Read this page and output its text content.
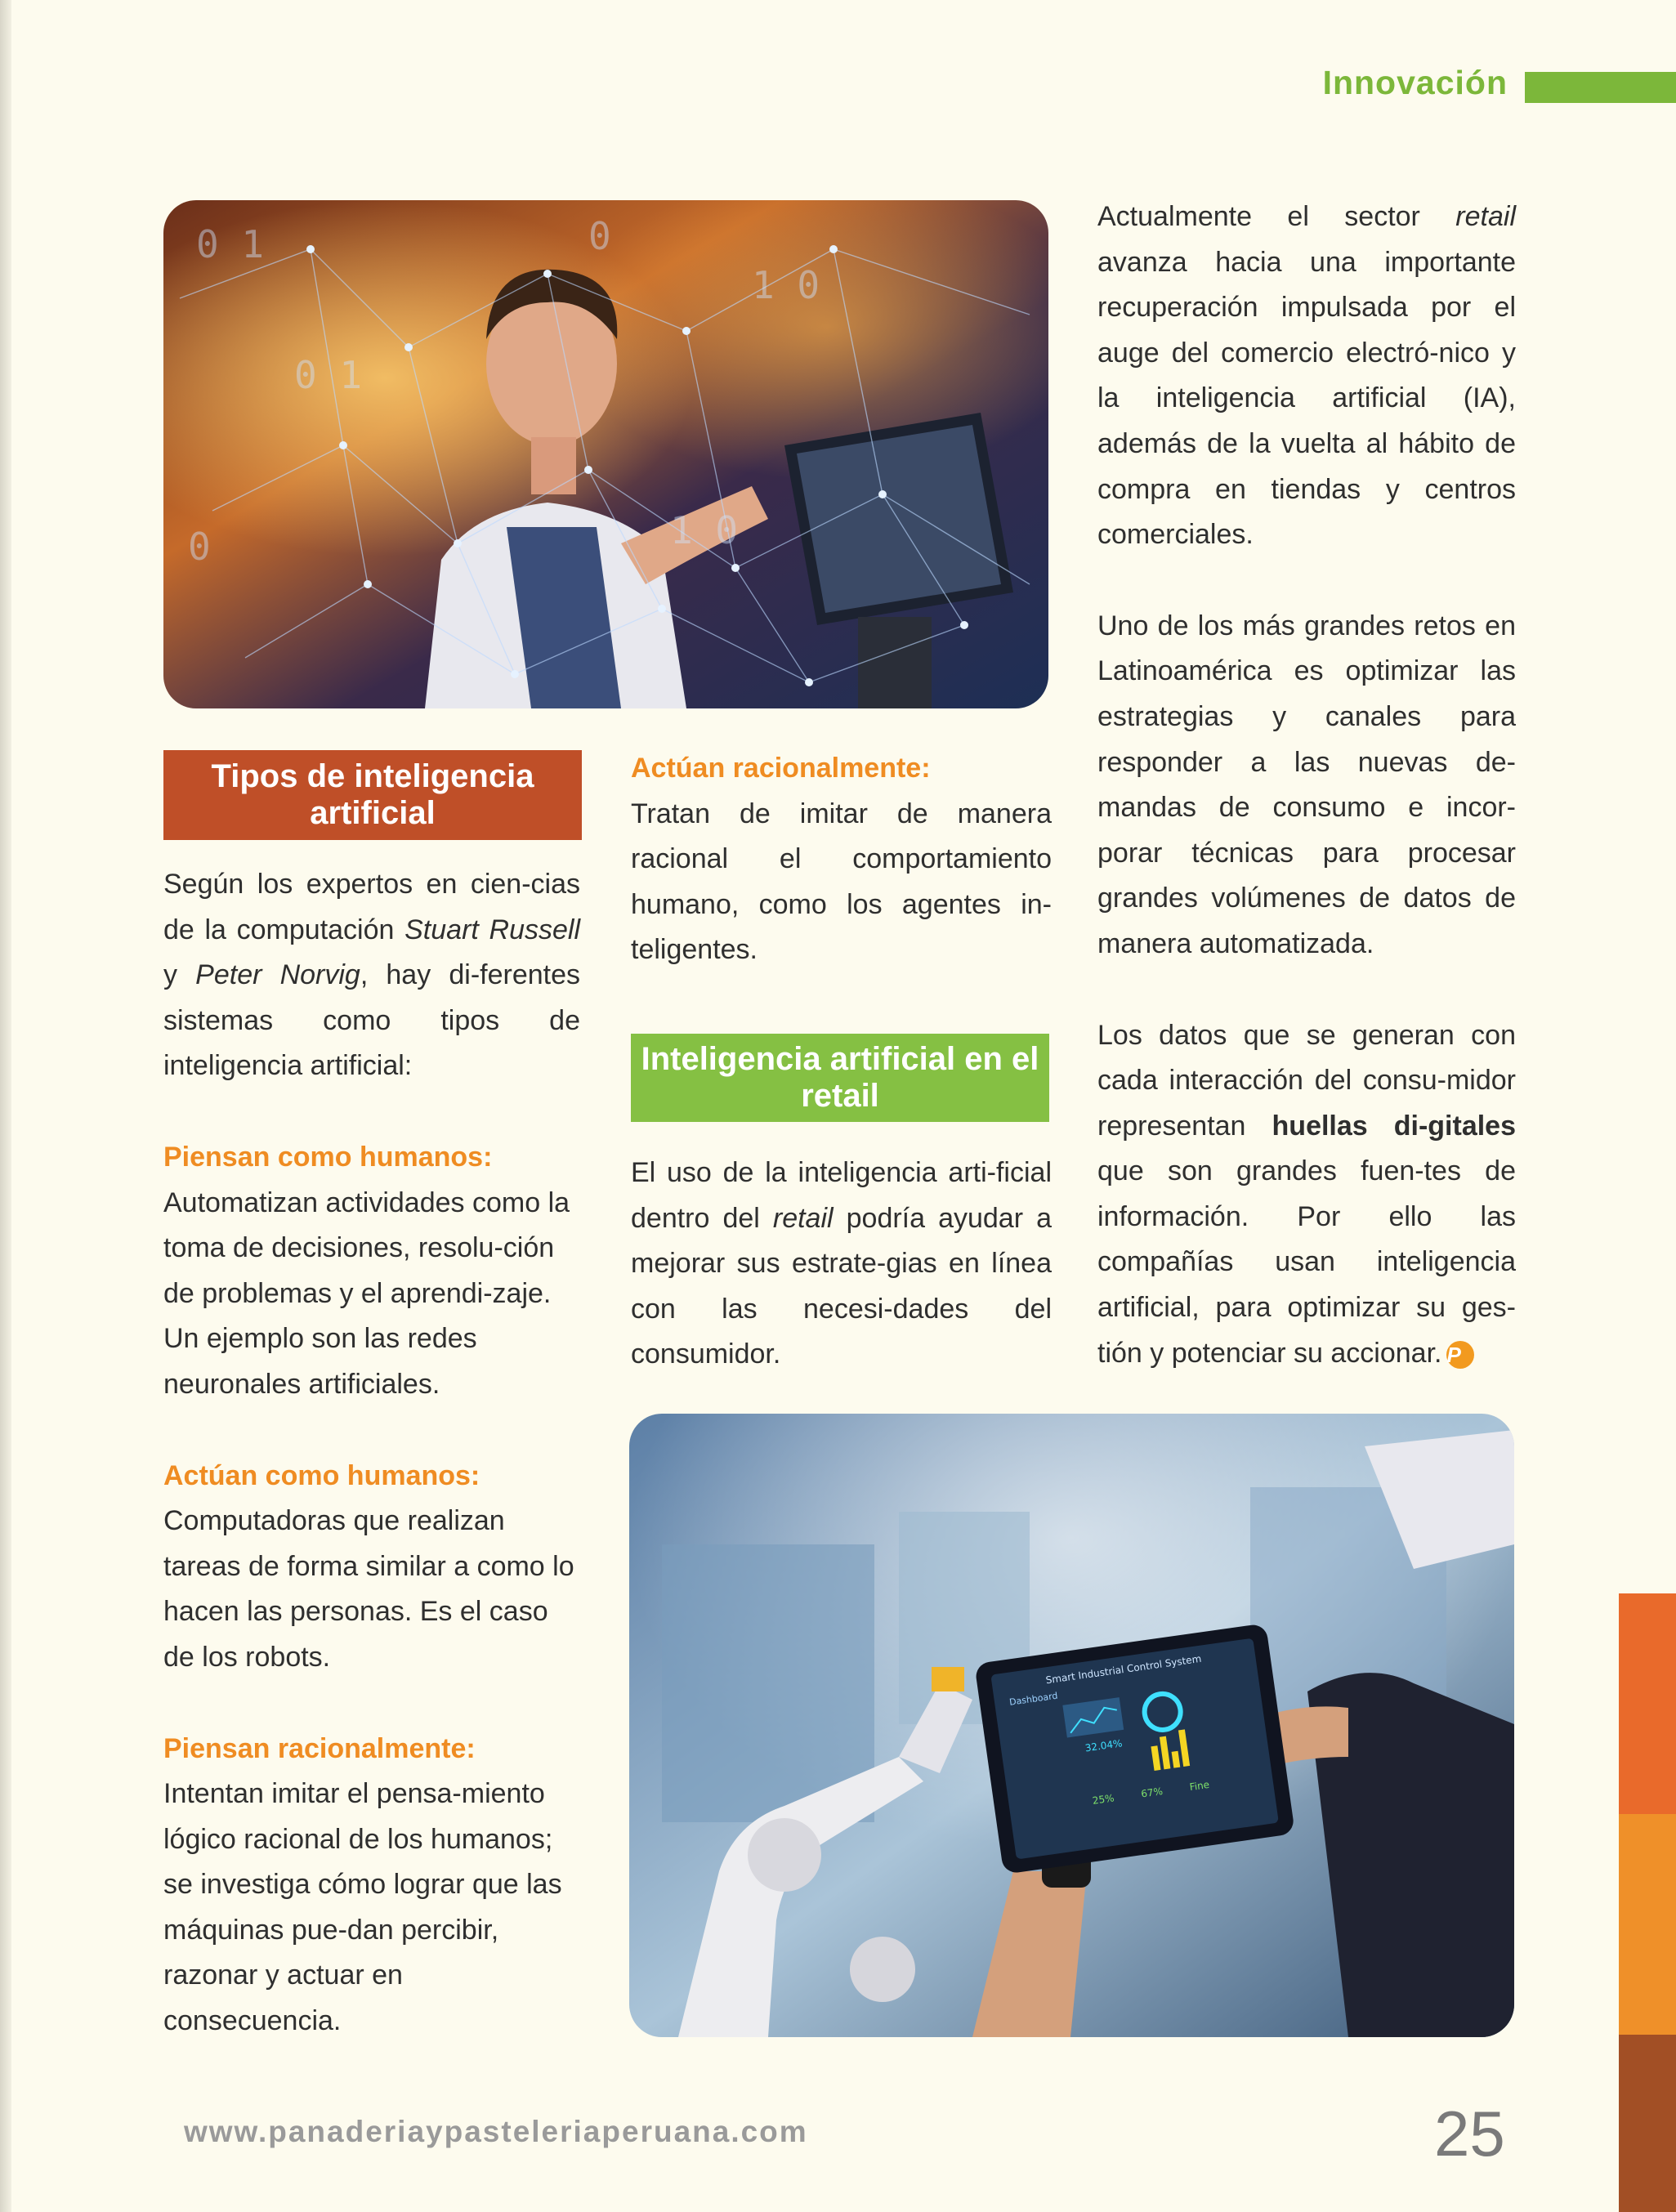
Innovación
0 1
0 1
0
0
1 0
1 0
Smart Industrial Control System
Dashboard
32.04%
25%	67%	Fine
Tipos de inteligencia artificial

Según los expertos en cien-cias de la computación Stuart Russell y Peter Norvig, hay di-ferentes sistemas como tipos de inteligencia artificial:

Piensan como humanos:

Automatizan actividades como la toma de decisiones, resolu-ción de problemas y el aprendi-zaje. Un ejemplo son las redes neuronales artificiales.

Actúan como humanos:

Computadoras que realizan tareas de forma similar a como lo hacen las personas. Es el caso de los robots.

Piensan racionalmente:

Intentan imitar el pensa-miento lógico racional de los humanos; se investiga cómo lograr que las máquinas pue-dan percibir, razonar y actuar en consecuencia.

Actúan racionalmente:

Tratan de imitar de manera racional el comportamiento humano, como los agentes in-teligentes.

Inteligencia artificial en el retail

El uso de la inteligencia arti-ficial dentro del retail podría ayudar a mejorar sus estrate-gias en línea con las necesi-dades del consumidor.

Actualmente el sector retail avanza hacia una importante recuperación impulsada por el auge del comercio electró-nico y la inteligencia artificial (IA), además de la vuelta al hábito de compra en tiendas y centros comerciales.

Uno de los más grandes retos en Latinoamérica es optimizar las estrategias y canales para responder a las nuevas de-mandas de consumo e incor-porar técnicas para procesar grandes volúmenes de datos de manera automatizada.

Los datos que se generan con cada interacción del consu-midor representan huellas di-gitales que son grandes fuen-tes de información. Por ello las compañías usan inteligencia artificial, para optimizar su ges-tión y potenciar su accionar. P

www.panaderiaypasteleriaperuana.com	25
